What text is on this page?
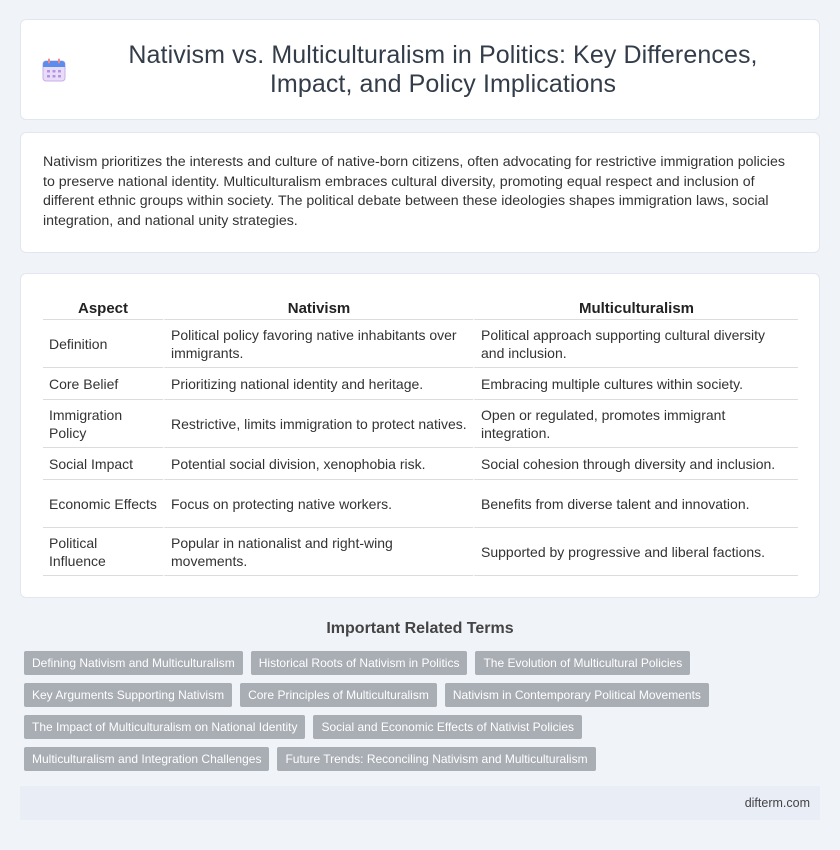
Nativism vs. Multiculturalism in Politics: Key Differences, Impact, and Policy Implications

Nativism prioritizes the interests and culture of native-born citizens, often advocating for restrictive immigration policies to preserve national identity. Multiculturalism embraces cultural diversity, promoting equal respect and inclusion of different ethnic groups within society. The political debate between these ideologies shapes immigration laws, social integration, and national unity strategies.

Aspect	Nativism	Multiculturalism
Definition	Political policy favoring native inhabitants over immigrants.	Political approach supporting cultural diversity and inclusion.
Core Belief	Prioritizing national identity and heritage.	Embracing multiple cultures within society.
Immigration Policy	Restrictive, limits immigration to protect natives.	Open or regulated, promotes immigrant integration.
Social Impact	Potential social division, xenophobia risk.	Social cohesion through diversity and inclusion.
Economic Effects	Focus on protecting native workers.	Benefits from diverse talent and innovation.
Political Influence	Popular in nationalist and right-wing movements.	Supported by progressive and liberal factions.
Important Related Terms
Defining Nativism and Multiculturalism	Historical Roots of Nativism in Politics	The Evolution of Multicultural Policies
Key Arguments Supporting Nativism	Core Principles of Multiculturalism	Nativism in Contemporary Political Movements
The Impact of Multiculturalism on National Identity	Social and Economic Effects of Nativist Policies
Multiculturalism and Integration Challenges	Future Trends: Reconciling Nativism and Multiculturalism
difterm.com
